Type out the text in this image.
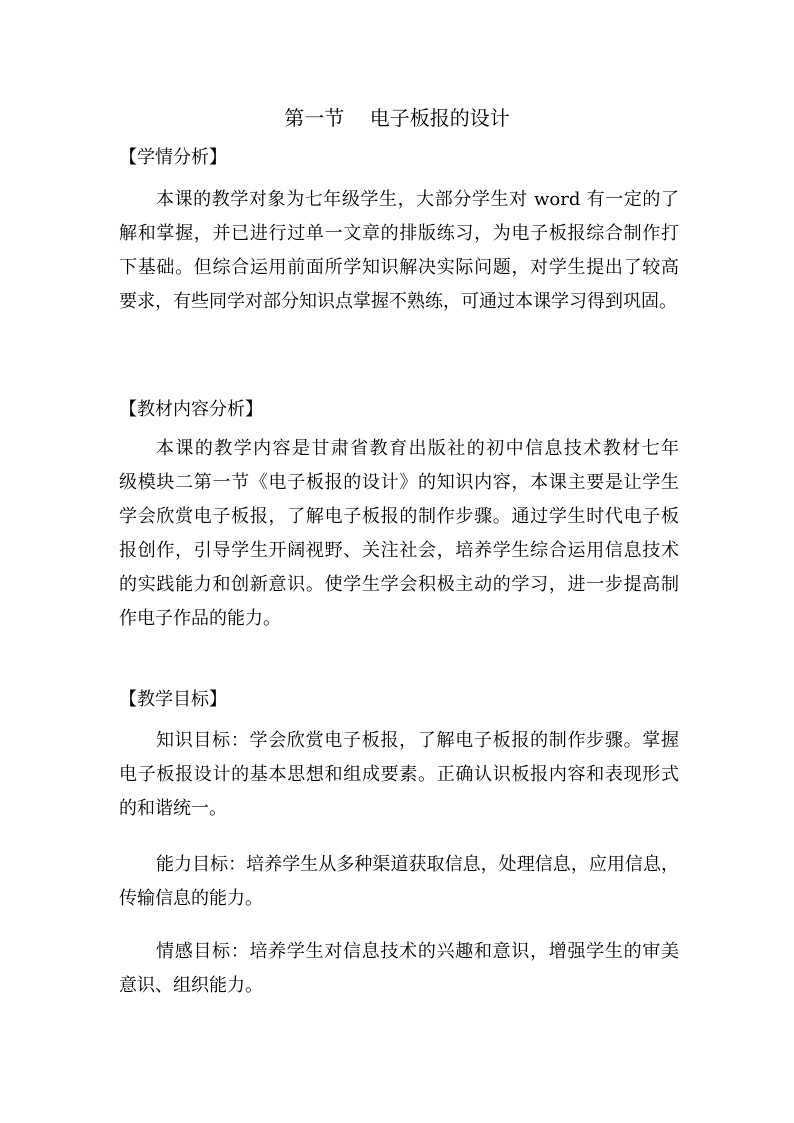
第一节    电子板报的设计
【学情分析】
本课的教学对象为七年级学生，大部分学生对 word 有一定的了
解和掌握，并已进行过单一文章的排版练习，为电子板报综合制作打
下基础。但综合运用前面所学知识解决实际问题，对学生提出了较高
要求，有些同学对部分知识点掌握不熟练，可通过本课学习得到巩固。
【教材内容分析】
本课的教学内容是甘肃省教育出版社的初中信息技术教材七年
级模块二第一节《电子板报的设计》的知识内容，本课主要是让学生
学会欣赏电子板报，了解电子板报的制作步骤。通过学生时代电子板
报创作，引导学生开阔视野、关注社会，培养学生综合运用信息技术
的实践能力和创新意识。使学生学会积极主动的学习，进一步提高制
作电子作品的能力。
【教学目标】
知识目标：学会欣赏电子板报，了解电子板报的制作步骤。掌握
电子板报设计的基本思想和组成要素。正确认识板报内容和表现形式
的和谐统一。
能力目标：培养学生从多种渠道获取信息，处理信息，应用信息，
传输信息的能力。
情感目标：培养学生对信息技术的兴趣和意识，增强学生的审美
意识、组织能力。
